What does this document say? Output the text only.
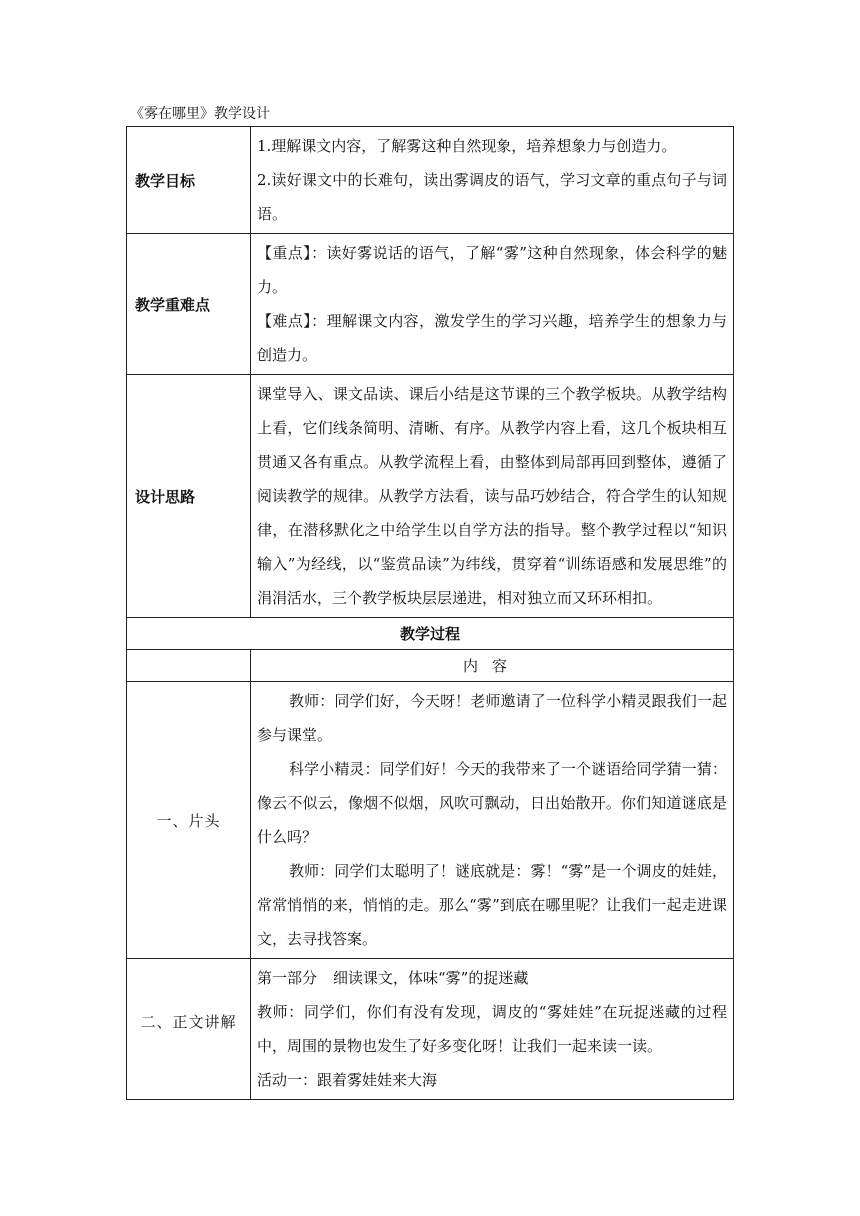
《雾在哪里》教学设计
教学目标	1.理解课文内容，了解雾这种自然现象，培养想象力与创造力。
2.读好课文中的长难句，读出雾调皮的语气，学习文章的重点句子与词语。

教学重难点	【重点】：读好雾说话的语气，了解“雾”这种自然现象，体会科学的魅力。
【难点】：理解课文内容，激发学生的学习兴趣，培养学生的想象力与创造力。

设计思路	课堂导入、课文品读、课后小结是这节课的三个教学板块。从教学结构上看，它们线条简明、清晰、有序。从教学内容上看，这几个板块相互贯通又各有重点。从教学流程上看，由整体到局部再回到整体，遵循了阅读教学的规律。从教学方法看，读与品巧妙结合，符合学生的认知规律，在潜移默化之中给学生以自学方法的指导。整个教学过程以“知识输入”为经线，以“鉴赏品读”为纬线，贯穿着“训练语感和发展思维”的涓涓活水，三个教学板块层层递进，相对独立而又环环相扣。

教学过程	
	内容
一、片头	教师：同学们好，今天呀！老师邀请了一位科学小精灵跟我们一起参与课堂。
科学小精灵：同学们好！今天的我带来了一个谜语给同学猜一猜：像云不似云，像烟不似烟，风吹可飘动，日出始散开。你们知道谜底是什么吗？
教师：同学们太聪明了！谜底就是：雾！“雾”是一个调皮的娃娃，常常悄悄的来，悄悄的走。那么“雾”到底在哪里呢？让我们一起走进课文，去寻找答案。

二、正文讲解	第一部分 细读课文，体味“雾”的捉迷藏
教师：同学们，你们有没有发现，调皮的“雾娃娃”在玩捉迷藏的过程中，周围的景物也发生了好多变化呀！让我们一起来读一读。
活动一：跟着雾娃娃来大海
